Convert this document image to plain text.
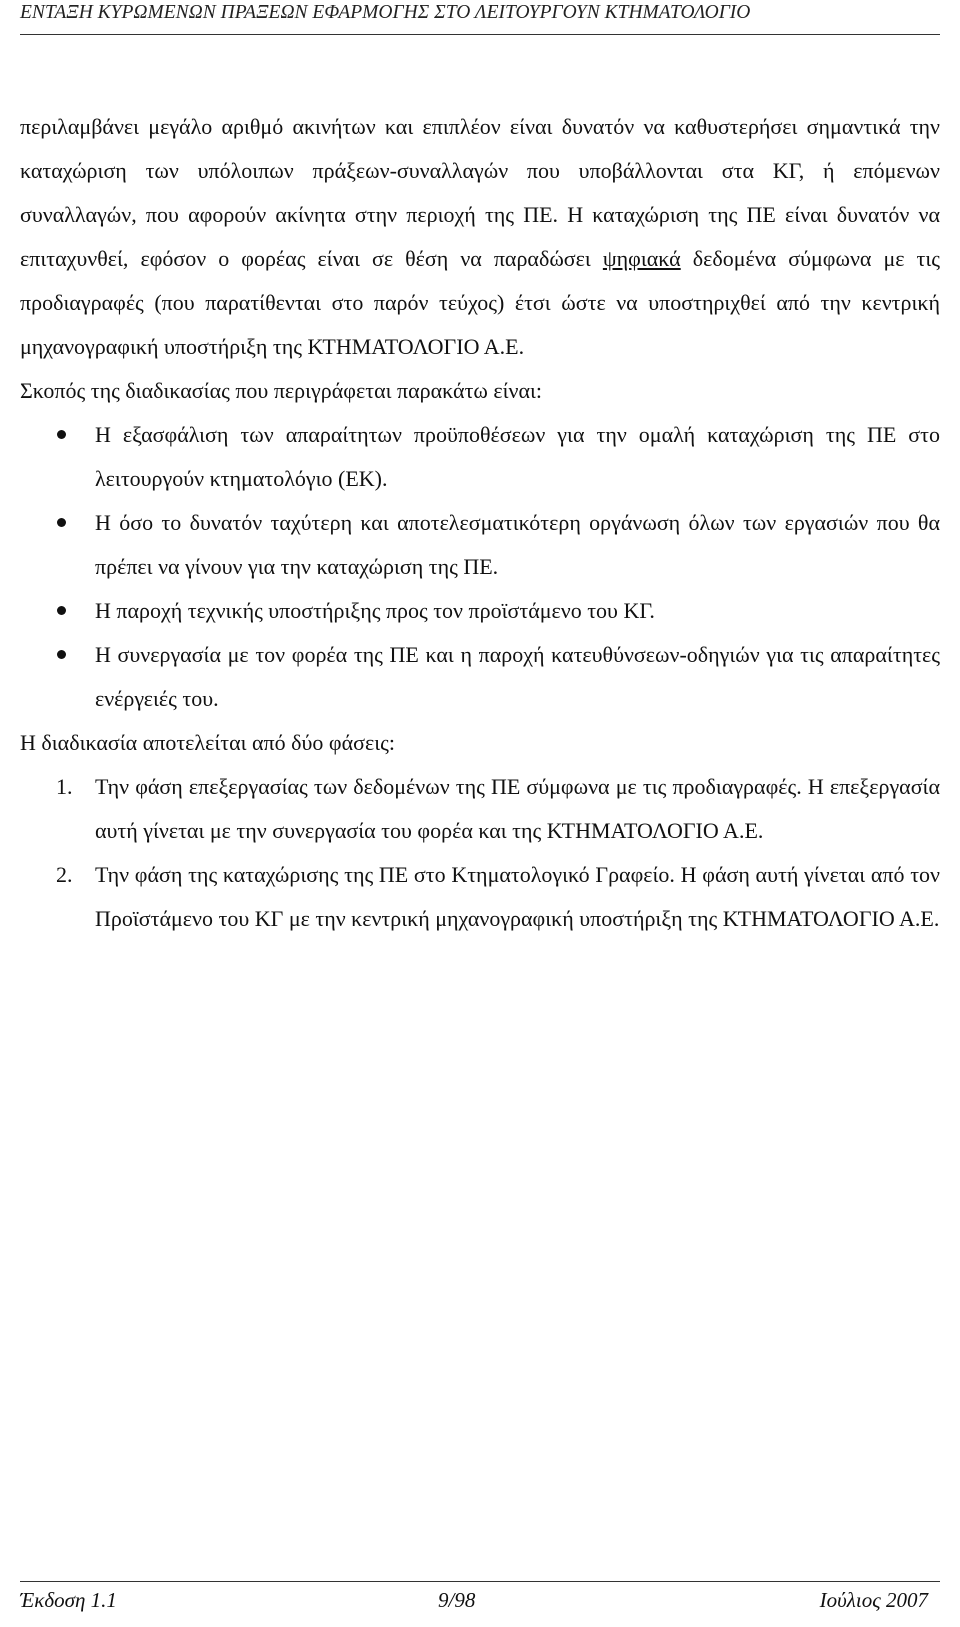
ΕΝΤΑΞΗ ΚΥΡΩΜΕΝΩΝ ΠΡΑΞΕΩΝ ΕΦΑΡΜΟΓΗΣ ΣΤΟ ΛΕΙΤΟΥΡΓΟΥΝ ΚΤΗΜΑΤΟΛΟΓΙΟ

περιλαμβάνει μεγάλο αριθμό ακινήτων και επιπλέον είναι δυνατόν να καθυστερήσει σημαντικά την καταχώριση των υπόλοιπων πράξεων-συναλλαγών που υποβάλλονται στα ΚΓ, ή επόμενων συναλλαγών, που αφορούν ακίνητα στην περιοχή της ΠΕ. Η καταχώριση της ΠΕ είναι δυνατόν να επιταχυνθεί, εφόσον ο φορέας είναι σε θέση να παραδώσει ψηφιακά δεδομένα σύμφωνα με τις προδιαγραφές (που παρατίθενται στο παρόν τεύχος) έτσι ώστε να υποστηριχθεί από την κεντρική μηχανογραφική υποστήριξη της ΚΤΗΜΑΤΟΛΟΓΙΟ Α.Ε.

Σκοπός της διαδικασίας που περιγράφεται παρακάτω είναι:

Η εξασφάλιση των απαραίτητων προϋποθέσεων για την ομαλή καταχώριση της ΠΕ στο λειτουργούν κτηματολόγιο (ΕΚ).
Η όσο το δυνατόν ταχύτερη και αποτελεσματικότερη οργάνωση όλων των εργασιών που θα πρέπει να γίνουν για την καταχώριση της ΠΕ.
Η παροχή τεχνικής υποστήριξης προς τον προϊστάμενο του ΚΓ.
Η συνεργασία με τον φορέα της ΠΕ και η παροχή κατευθύνσεων-οδηγιών για τις απαραίτητες ενέργειές του.

Η διαδικασία αποτελείται από δύο φάσεις:

1. Την φάση επεξεργασίας των δεδομένων της ΠΕ σύμφωνα με τις προδιαγραφές. Η επεξεργασία αυτή γίνεται με την συνεργασία του φορέα και της ΚΤΗΜΑΤΟΛΟΓΙΟ Α.Ε.
2. Την φάση της καταχώρισης της ΠΕ στο Κτηματολογικό Γραφείο. Η φάση αυτή γίνεται από τον Προϊστάμενο του ΚΓ με την κεντρική μηχανογραφική υποστήριξη της ΚΤΗΜΑΤΟΛΟΓΙΟ Α.Ε.
Έκδοση 1.1	9/98	Ιούλιος 2007
